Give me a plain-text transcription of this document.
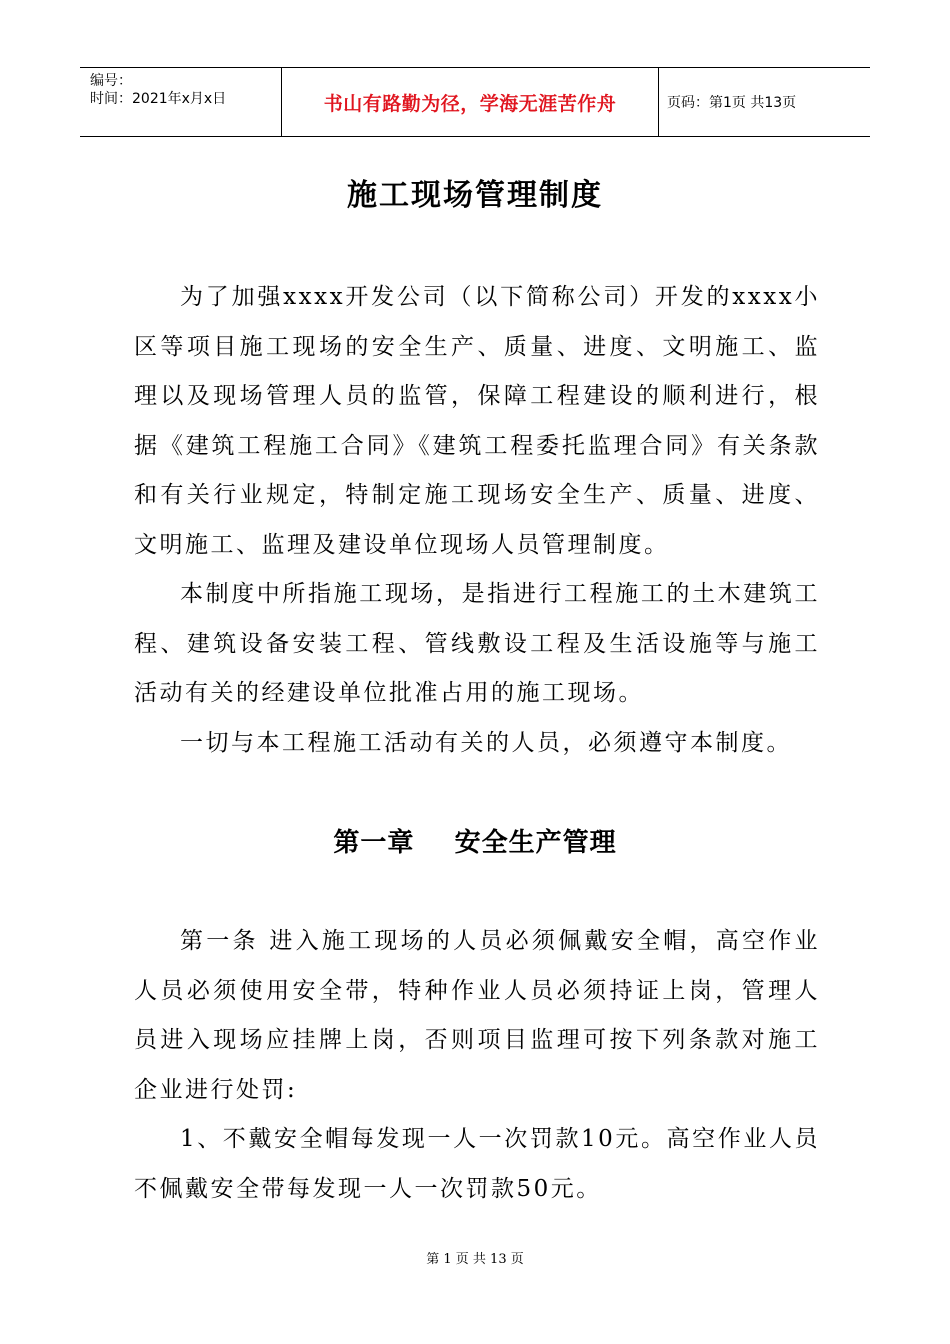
编号：
时间：2021年x月x日	书山有路勤为径，学海无涯苦作舟	页码：第1页 共13页
施工现场管理制度

为了加强xxxx开发公司（以下简称公司）开发的xxxx小区等项目施工现场的安全生产、质量、进度、文明施工、监理以及现场管理人员的监管，保障工程建设的顺利进行，根据《建筑工程施工合同》《建筑工程委托监理合同》有关条款和有关行业规定，特制定施工现场安全生产、质量、进度、文明施工、监理及建设单位现场人员管理制度。

本制度中所指施工现场，是指进行工程施工的土木建筑工程、建筑设备安装工程、管线敷设工程及生活设施等与施工活动有关的经建设单位批准占用的施工现场。

一切与本工程施工活动有关的人员，必须遵守本制度。

第一章    安全生产管理

第一条 进入施工现场的人员必须佩戴安全帽，高空作业人员必须使用安全带，特种作业人员必须持证上岗，管理人员进入现场应挂牌上岗，否则项目监理可按下列条款对施工企业进行处罚:

1、不戴安全帽每发现一人一次罚款10元。高空作业人员不佩戴安全带每发现一人一次罚款50元。

第 1 页 共 13 页
